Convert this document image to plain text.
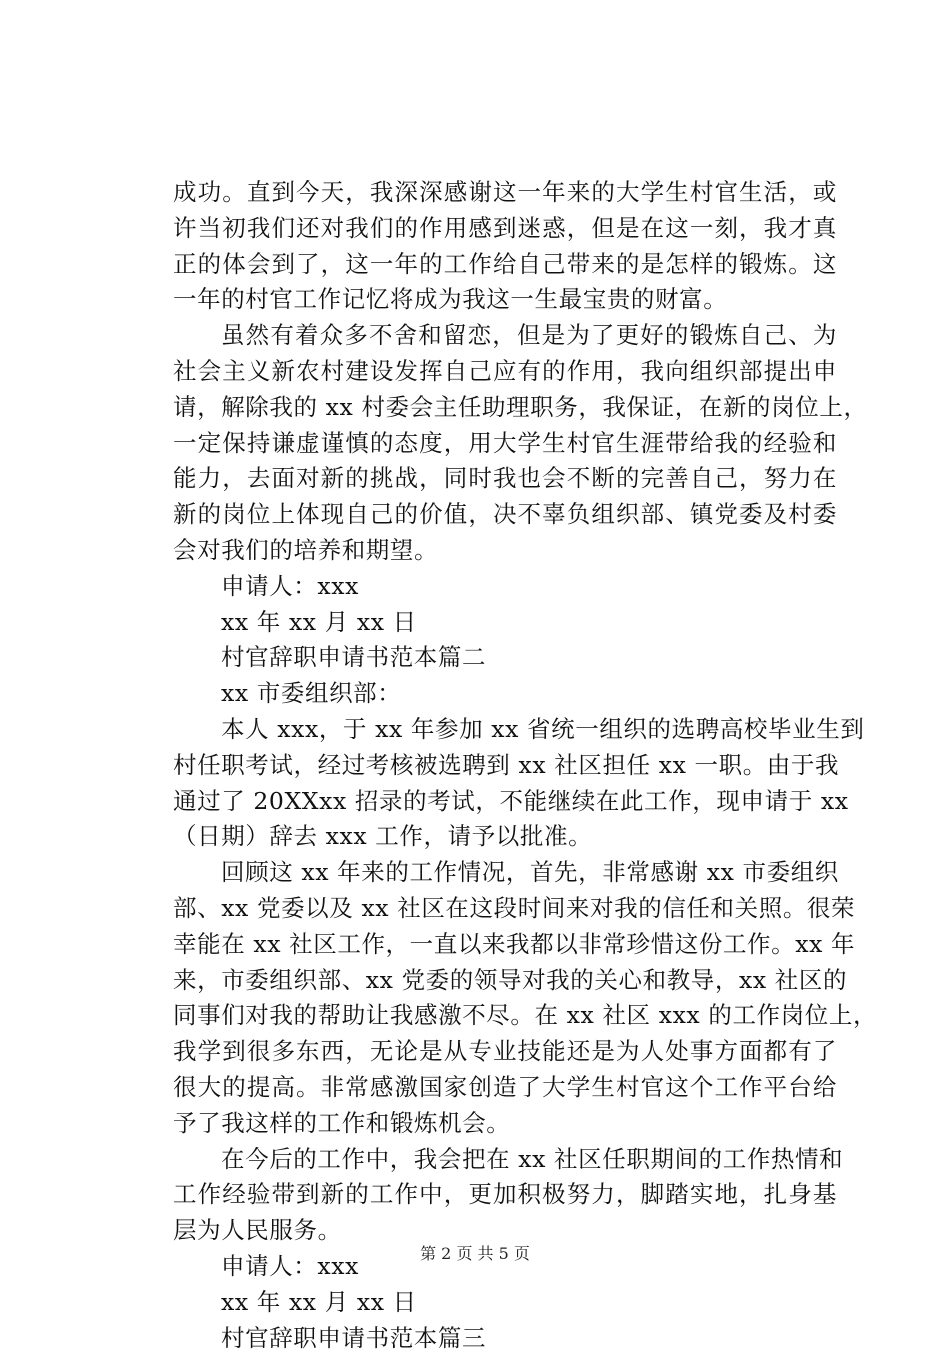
成功。直到今天，我深深感谢这一年来的大学生村官生活，或
许当初我们还对我们的作用感到迷惑，但是在这一刻，我才真
正的体会到了，这一年的工作给自己带来的是怎样的锻炼。这
一年的村官工作记忆将成为我这一生最宝贵的财富。
虽然有着众多不舍和留恋，但是为了更好的锻炼自己、为
社会主义新农村建设发挥自己应有的作用，我向组织部提出申
请，解除我的 xx 村委会主任助理职务，我保证，在新的岗位上，
一定保持谦虚谨慎的态度，用大学生村官生涯带给我的经验和
能力，去面对新的挑战，同时我也会不断的完善自己，努力在
新的岗位上体现自己的价值，决不辜负组织部、镇党委及村委
会对我们的培养和期望。
申请人：xxx
xx 年 xx 月 xx 日
村官辞职申请书范本篇二
xx 市委组织部：
本人 xxx，于 xx 年参加 xx 省统一组织的选聘高校毕业生到
村任职考试，经过考核被选聘到 xx 社区担任 xx 一职。由于我
通过了 20XXxx 招录的考试，不能继续在此工作，现申请于 xx
（日期）辞去 xxx 工作，请予以批准。
回顾这 xx 年来的工作情况，首先，非常感谢 xx 市委组织
部、xx 党委以及 xx 社区在这段时间来对我的信任和关照。很荣
幸能在 xx 社区工作，一直以来我都以非常珍惜这份工作。xx 年
来，市委组织部、xx 党委的领导对我的关心和教导，xx 社区的
同事们对我的帮助让我感激不尽。在 xx 社区 xxx 的工作岗位上，
我学到很多东西，无论是从专业技能还是为人处事方面都有了
很大的提高。非常感激国家创造了大学生村官这个工作平台给
予了我这样的工作和锻炼机会。
在今后的工作中，我会把在 xx 社区任职期间的工作热情和
工作经验带到新的工作中，更加积极努力，脚踏实地，扎身基
层为人民服务。
申请人：xxx
xx 年 xx 月 xx 日
村官辞职申请书范本篇三
第 2 页 共 5 页
